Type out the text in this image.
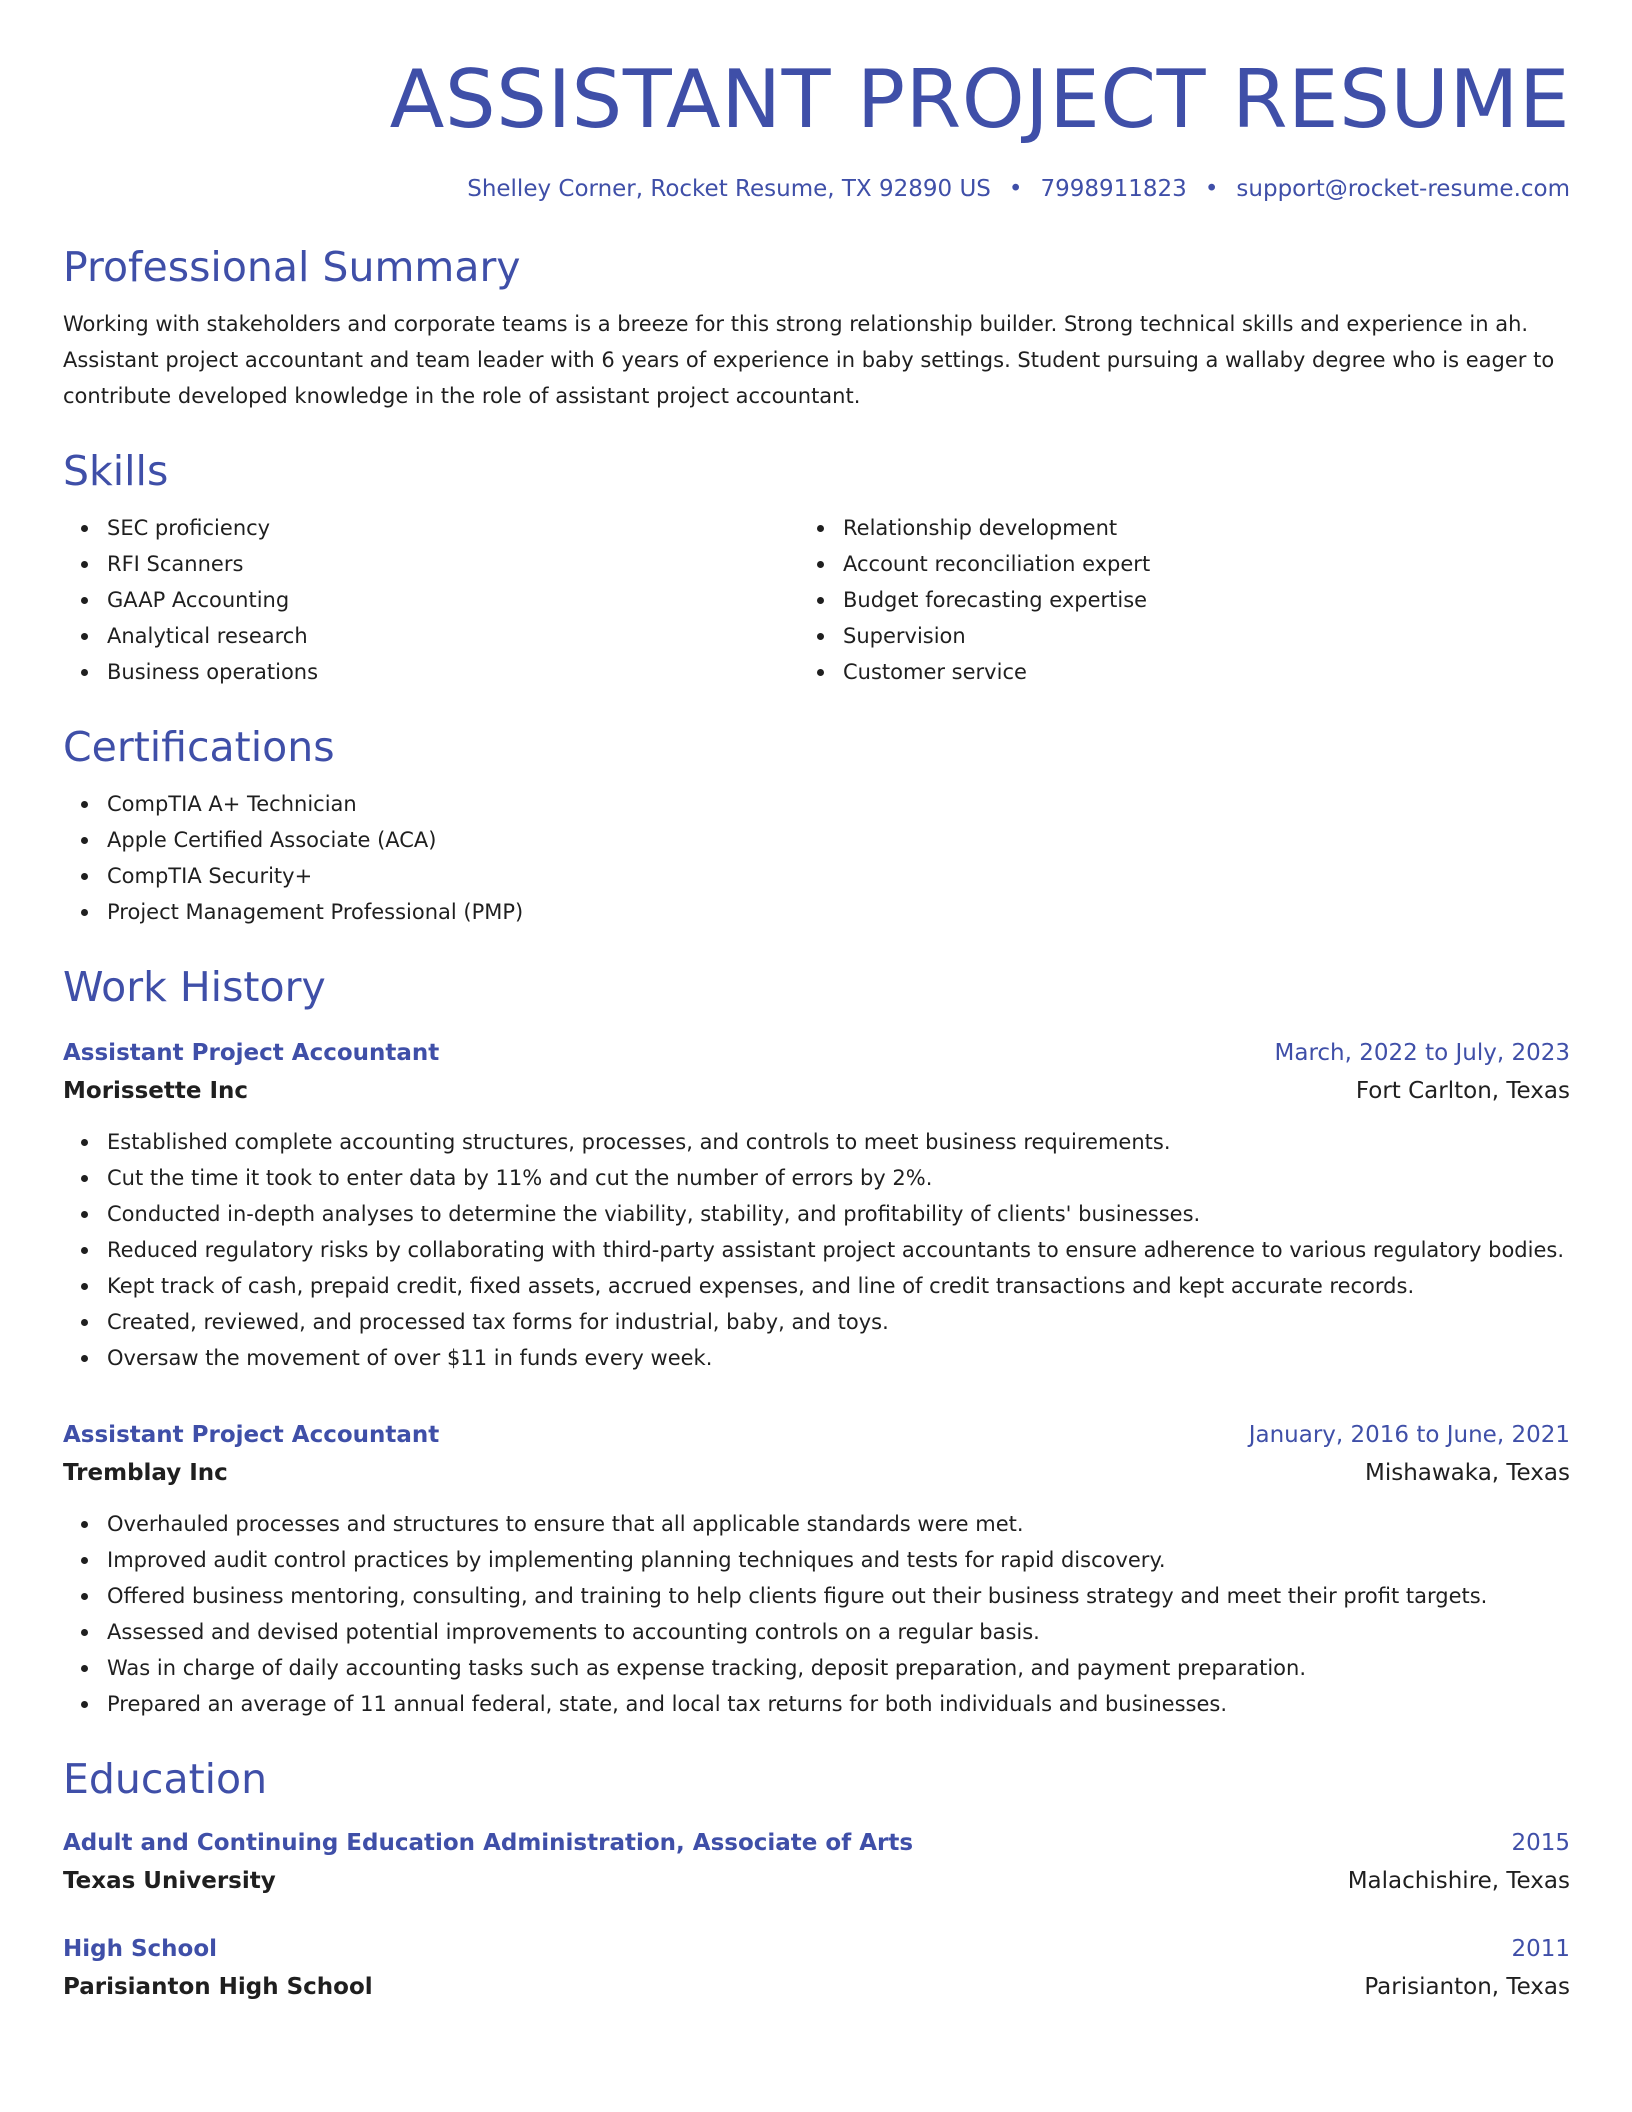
ASSISTANT PROJECT RESUME
Shelley Corner, Rocket Resume, TX 92890 US • 7998911823 • support@rocket-resume.com
Professional Summary
Working with stakeholders and corporate teams is a breeze for this strong relationship builder. Strong technical skills and experience in ah. Assistant project accountant and team leader with 6 years of experience in baby settings. Student pursuing a wallaby degree who is eager to contribute developed knowledge in the role of assistant project accountant.
Skills
SEC proficiency
RFI Scanners
GAAP Accounting
Analytical research
Business operations
Relationship development
Account reconciliation expert
Budget forecasting expertise
Supervision
Customer service
Certifications
CompTIA A+ Technician
Apple Certified Associate (ACA)
CompTIA Security+
Project Management Professional (PMP)
Work History
Assistant Project Accountant	March, 2022 to July, 2023
Morissette Inc	Fort Carlton, Texas
Established complete accounting structures, processes, and controls to meet business requirements.
Cut the time it took to enter data by 11% and cut the number of errors by 2%.
Conducted in-depth analyses to determine the viability, stability, and profitability of clients' businesses.
Reduced regulatory risks by collaborating with third-party assistant project accountants to ensure adherence to various regulatory bodies.
Kept track of cash, prepaid credit, fixed assets, accrued expenses, and line of credit transactions and kept accurate records.
Created, reviewed, and processed tax forms for industrial, baby, and toys.
Oversaw the movement of over $11 in funds every week.
Assistant Project Accountant	January, 2016 to June, 2021
Tremblay Inc	Mishawaka, Texas
Overhauled processes and structures to ensure that all applicable standards were met.
Improved audit control practices by implementing planning techniques and tests for rapid discovery.
Offered business mentoring, consulting, and training to help clients figure out their business strategy and meet their profit targets.
Assessed and devised potential improvements to accounting controls on a regular basis.
Was in charge of daily accounting tasks such as expense tracking, deposit preparation, and payment preparation.
Prepared an average of 11 annual federal, state, and local tax returns for both individuals and businesses.
Education
Adult and Continuing Education Administration, Associate of Arts	2015
Texas University	Malachishire, Texas
High School	2011
Parisianton High School	Parisianton, Texas
